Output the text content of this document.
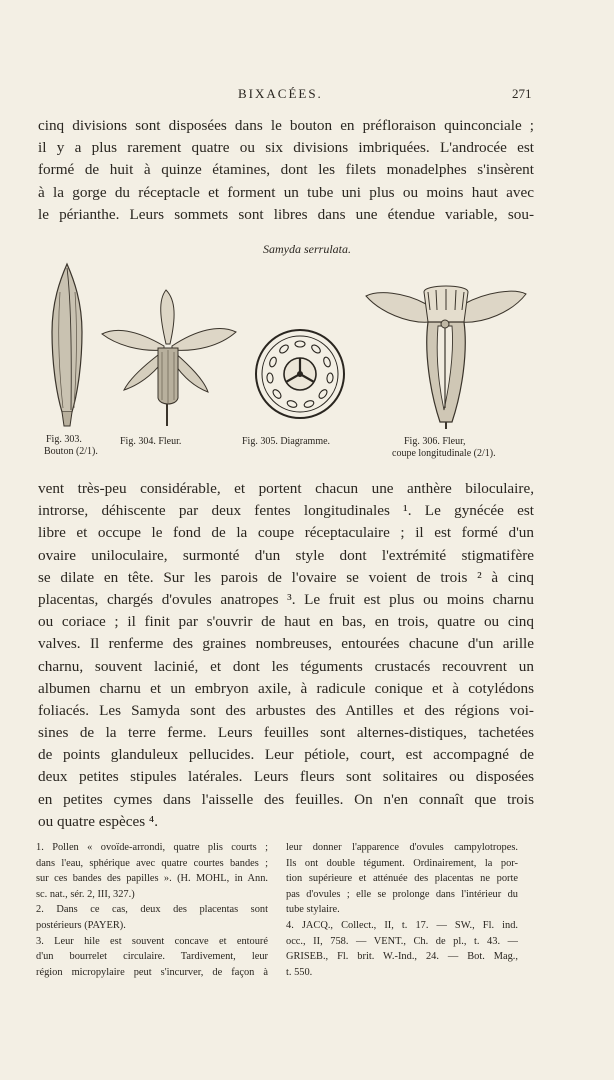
BIXACÉES.	271
cinq divisions sont disposées dans le bouton en préfloraison quinconciale ;
il y a plus rarement quatre ou six divisions imbriquées. L'androcée est
formé de huit à quinze étamines, dont les filets monadelphes s'insèrent
à la gorge du réceptacle et forment un tube uni plus ou moins haut avec
le périanthe. Leurs sommets sont libres dans une étendue variable, sou-
Samyda serrulata.
Fig. 303.
Bouton (2/1).
Fig. 304. Fleur.	Fig. 305. Diagramme.	Fig. 306. Fleur,
coupe longitudinale (2/1).
vent très-peu considérable, et portent chacun une anthère biloculaire,
introrse, déhiscente par deux fentes longitudinales ¹. Le gynécée est
libre et occupe le fond de la coupe réceptaculaire ; il est formé d'un
ovaire uniloculaire, surmonté d'un style dont l'extrémité stigmatifère
se dilate en tête. Sur les parois de l'ovaire se voient de trois ² à cinq
placentas, chargés d'ovules anatropes ³. Le fruit est plus ou moins charnu
ou coriace ; il finit par s'ouvrir de haut en bas, en trois, quatre ou cinq
valves. Il renferme des graines nombreuses, entourées chacune d'un arille
charnu, souvent lacinié, et dont les téguments crustacés recouvrent un
albumen charnu et un embryon axile, à radicule conique et à cotylédons
foliacés. Les Samyda sont des arbustes des Antilles et des régions voi-
sines de la terre ferme. Leurs feuilles sont alternes-distiques, tachetées
de points glanduleux pellucides. Leur pétiole, court, est accompagné de
deux petites stipules latérales. Leurs fleurs sont solitaires ou disposées
en petites cymes dans l'aisselle des feuilles. On n'en connaît que trois
ou quatre espèces ⁴.
1. Pollen « ovoïde-arrondi, quatre plis courts ;
dans l'eau, sphérique avec quatre courtes bandes ;
sur ces bandes des papilles ». (H. MOHL, in Ann.
sc. nat., sér. 2, III, 327.)
2. Dans ce cas, deux des placentas sont
postérieurs (PAYER).
3. Leur hile est souvent concave et entouré
d'un bourrelet circulaire. Tardivement, leur
région micropylaire peut s'incurver, de façon à
leur donner l'apparence d'ovules campylotropes.
Ils ont double tégument. Ordinairement, la por-
tion supérieure et atténuée des placentas ne porte
pas d'ovules ; elle se prolonge dans l'intérieur du
tube stylaire.
4. JACQ., Collect., II, t. 17. — SW., Fl. ind.
occ., II, 758. — VENT., Ch. de pl., t. 43. —
GRISEB., Fl. brit. W.-Ind., 24. — Bot. Mag.,
t. 550.
